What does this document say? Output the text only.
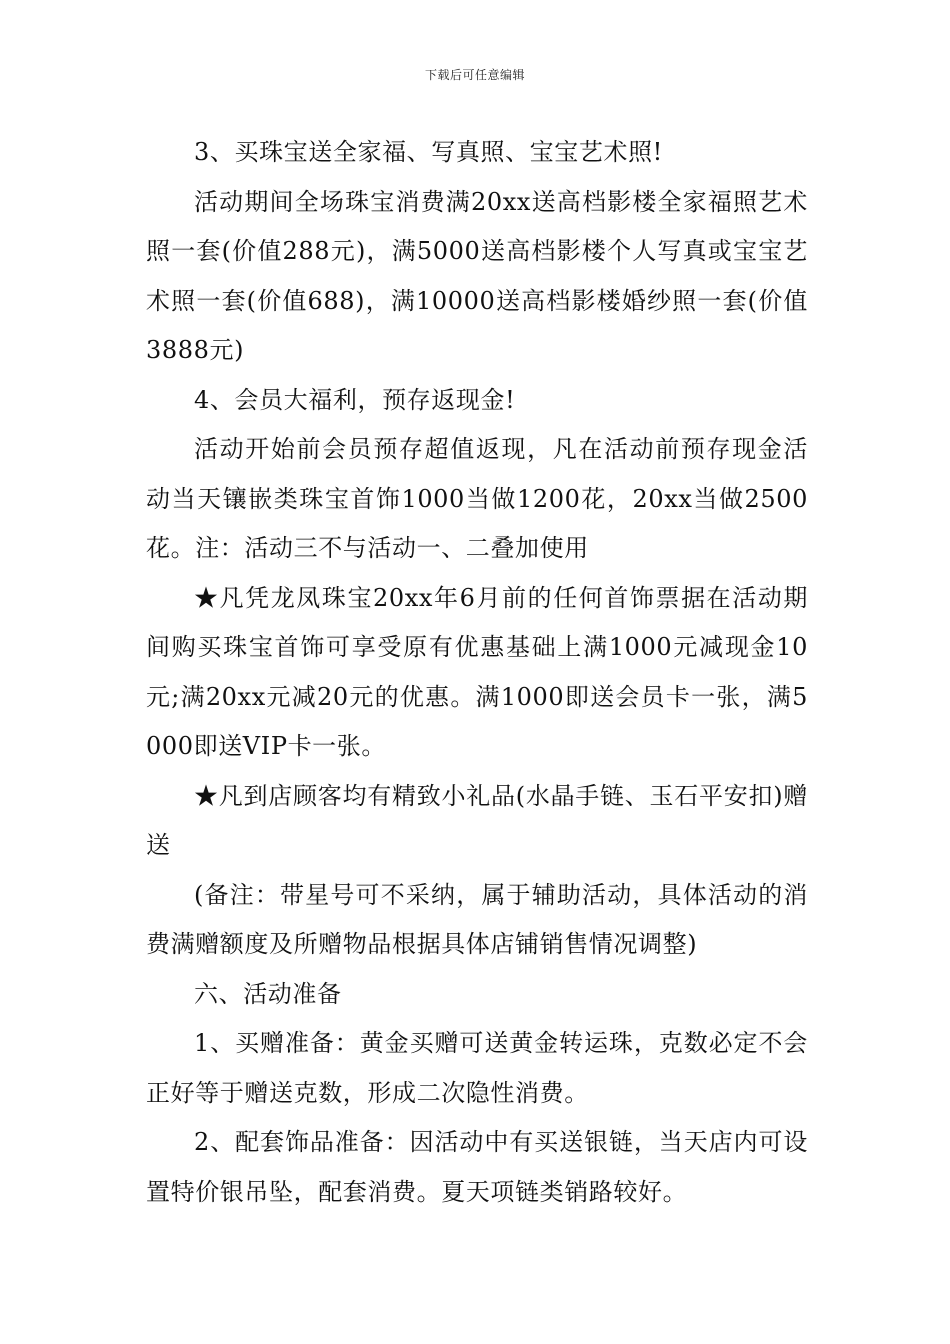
下载后可任意编辑

3、买珠宝送全家福、写真照、宝宝艺术照!

活动期间全场珠宝消费满20xx送高档影楼全家福照艺术照一套(价值288元)，满5000送高档影楼个人写真或宝宝艺术照一套(价值688)，满10000送高档影楼婚纱照一套(价值3888元)

4、会员大福利，预存返现金!

活动开始前会员预存超值返现，凡在活动前预存现金活动当天镶嵌类珠宝首饰1000当做1200花，20xx当做2500花。注：活动三不与活动一、二叠加使用

★凡凭龙凤珠宝20xx年6月前的任何首饰票据在活动期间购买珠宝首饰可享受原有优惠基础上满1000元减现金10元;满20xx元减20元的优惠。满1000即送会员卡一张，满5000即送VIP卡一张。

★凡到店顾客均有精致小礼品(水晶手链、玉石平安扣)赠送

(备注：带星号可不采纳，属于辅助活动，具体活动的消费满赠额度及所赠物品根据具体店铺销售情况调整)

六、活动准备

1、买赠准备：黄金买赠可送黄金转运珠，克数必定不会正好等于赠送克数，形成二次隐性消费。

2、配套饰品准备：因活动中有买送银链，当天店内可设置特价银吊坠，配套消费。夏天项链类销路较好。
